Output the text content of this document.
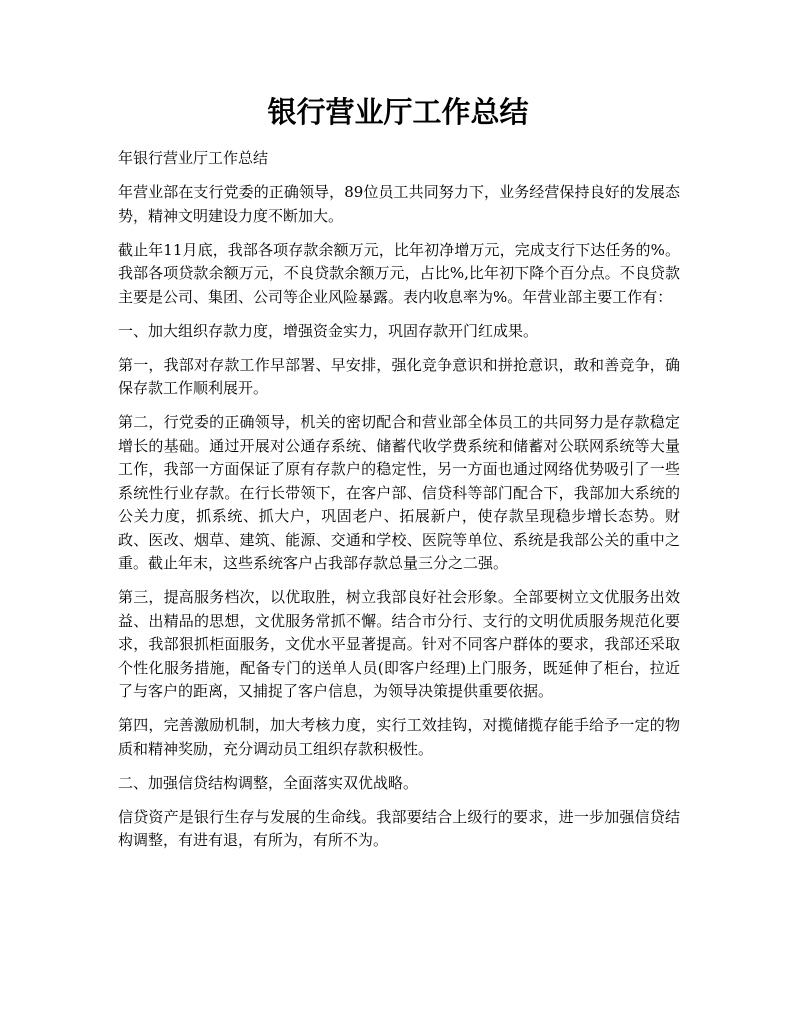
银行营业厅工作总结

年银行营业厅工作总结

年营业部在支行党委的正确领导，89位员工共同努力下，业务经营保持良好的发展态势，精神文明建设力度不断加大。

截止年11月底，我部各项存款余额万元，比年初净增万元，完成支行下达任务的%。我部各项贷款余额万元，不良贷款余额万元，占比%,比年初下降个百分点。不良贷款主要是公司、集团、公司等企业风险暴露。表内收息率为%。年营业部主要工作有：

一、加大组织存款力度，增强资金实力，巩固存款开门红成果。

第一，我部对存款工作早部署、早安排，强化竞争意识和拼抢意识，敢和善竞争，确保存款工作顺利展开。

第二，行党委的正确领导，机关的密切配合和营业部全体员工的共同努力是存款稳定增长的基础。通过开展对公通存系统、储蓄代收学费系统和储蓄对公联网系统等大量工作，我部一方面保证了原有存款户的稳定性，另一方面也通过网络优势吸引了一些系统性行业存款。在行长带领下，在客户部、信贷科等部门配合下，我部加大系统的公关力度，抓系统、抓大户，巩固老户、拓展新户，使存款呈现稳步增长态势。财政、医改、烟草、建筑、能源、交通和学校、医院等单位、系统是我部公关的重中之重。截止年末，这些系统客户占我部存款总量三分之二强。

第三，提高服务档次，以优取胜，树立我部良好社会形象。全部要树立文优服务出效益、出精品的思想，文优服务常抓不懈。结合市分行、支行的文明优质服务规范化要求，我部狠抓柜面服务，文优水平显著提高。针对不同客户群体的要求，我部还采取个性化服务措施，配备专门的送单人员(即客户经理)上门服务，既延伸了柜台，拉近了与客户的距离，又捕捉了客户信息，为领导决策提供重要依据。

第四，完善激励机制，加大考核力度，实行工效挂钩，对揽储揽存能手给予一定的物质和精神奖励，充分调动员工组织存款积极性。

二、加强信贷结构调整，全面落实双优战略。

信贷资产是银行生存与发展的生命线。我部要结合上级行的要求，进一步加强信贷结构调整，有进有退，有所为，有所不为。
